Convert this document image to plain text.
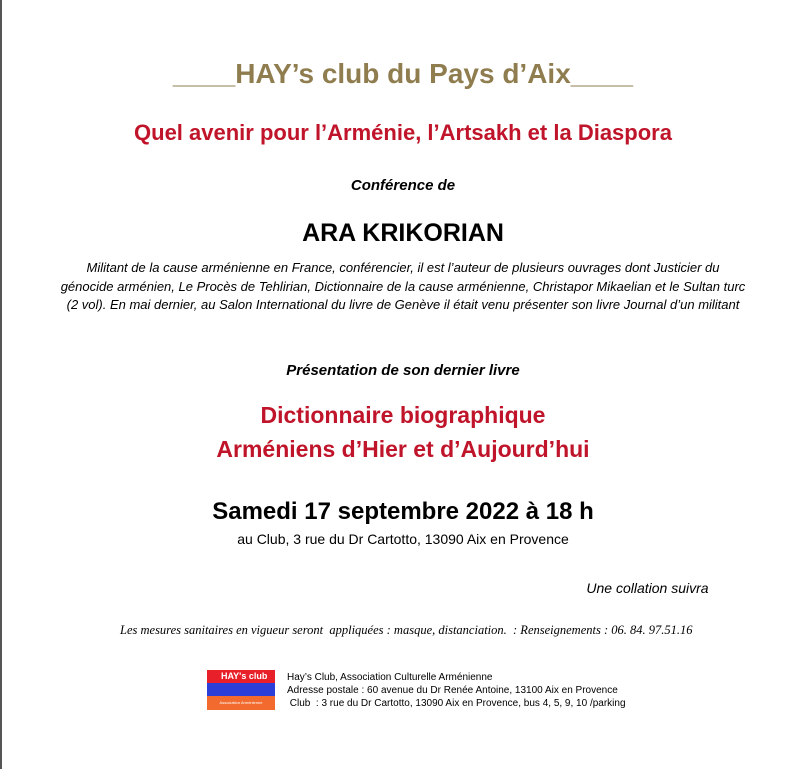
____HAY’s club du Pays d’Aix____
Quel avenir pour l’Arménie, l’Artsakh et la Diaspora
Conférence de
ARA KRIKORIAN
Militant de la cause arménienne en France, conférencier, il est l’auteur de plusieurs ouvrages dont Justicier du génocide arménien, Le Procès de Tehlirian, Dictionnaire de la cause arménienne, Christapor Mikaelian et le Sultan turc (2 vol). En mai dernier, au Salon International du livre de Genève il était venu présenter son livre Journal d’un militant
Présentation de son dernier livre
Dictionnaire biographique
Arméniens d’Hier et d’Aujourd’hui
Samedi 17 septembre 2022 à 18 h
au Club, 3 rue du Dr Cartotto, 13090 Aix en Provence
Une collation suivra
Les mesures sanitaires en vigueur seront  appliquées : masque, distanciation.  : Renseignements : 06. 84. 97.51.16
HAY's club
Association Arménienne
Hay’s Club, Association Culturelle Arménienne
Adresse postale : 60 avenue du Dr Renée Antoine, 13100 Aix en Provence
Club  : 3 rue du Dr Cartotto, 13090 Aix en Provence, bus 4, 5, 9, 10 /parking
